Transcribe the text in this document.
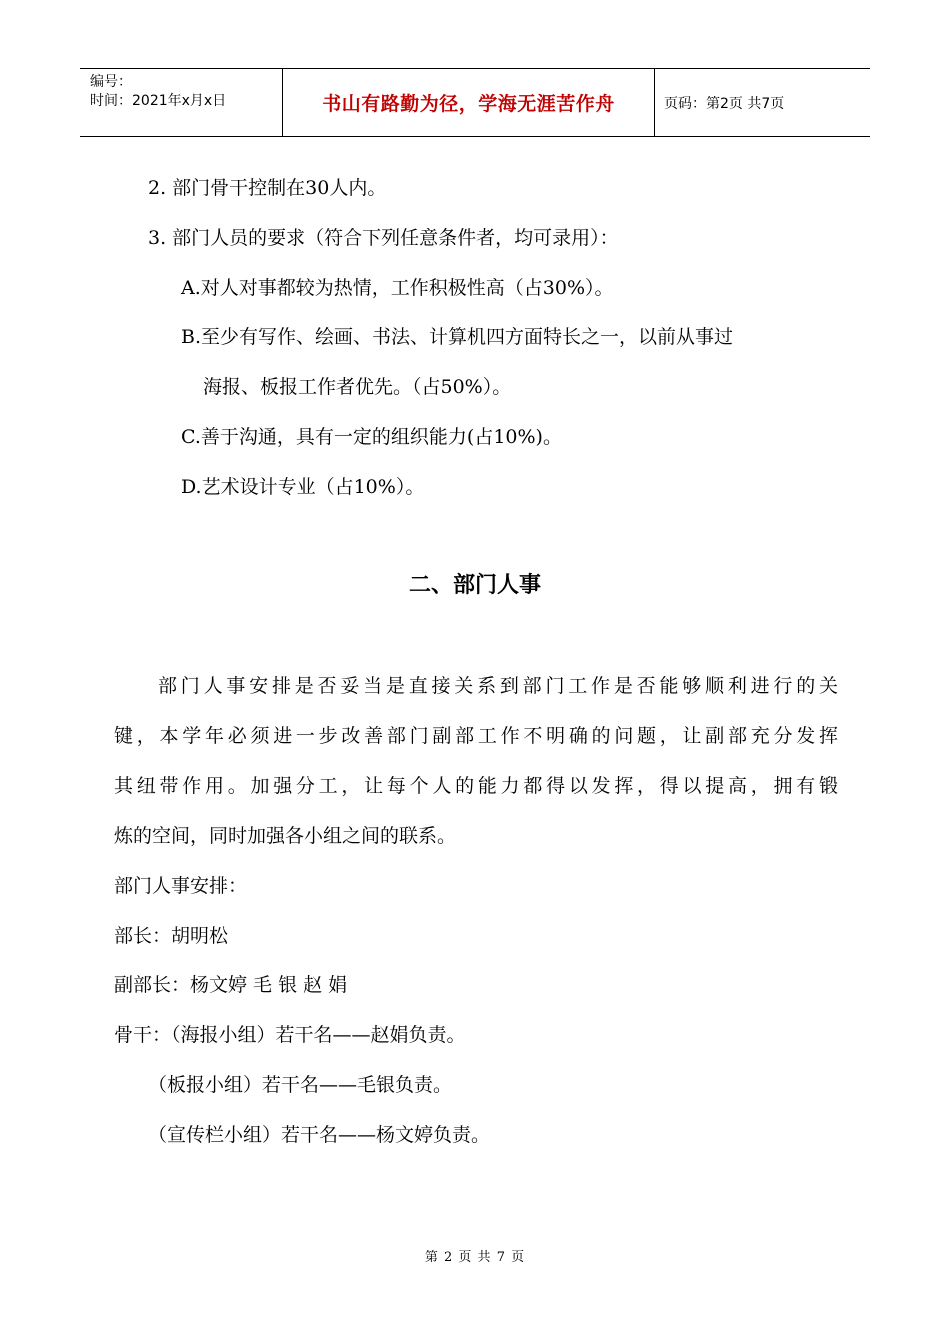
编号：
时间：2021年x月x日	书山有路勤为径，学海无涯苦作舟	页码：第2页 共7页
2. 部门骨干控制在30人内。
3. 部门人员的要求（符合下列任意条件者，均可录用）：
A.对人对事都较为热情，工作积极性高（占30%）。
B.至少有写作、绘画、书法、计算机四方面特长之一，以前从事过
海报、板报工作者优先。（占50%）。
C.善于沟通，具有一定的组织能力(占10%)。
D.艺术设计专业（占10%）。
二、部门人事
部门人事安排是否妥当是直接关系到部门工作是否能够顺利进行的关
键，本学年必须进一步改善部门副部工作不明确的问题，让副部充分发挥
其纽带作用。加强分工，让每个人的能力都得以发挥，得以提高，拥有锻
炼的空间，同时加强各小组之间的联系。
部门人事安排：
部长：胡明松
副部长：杨文婷 毛 银 赵 娟
骨干：（海报小组）若干名——赵娟负责。
（板报小组）若干名——毛银负责。
（宣传栏小组）若干名——杨文婷负责。
第 2 页 共 7 页
